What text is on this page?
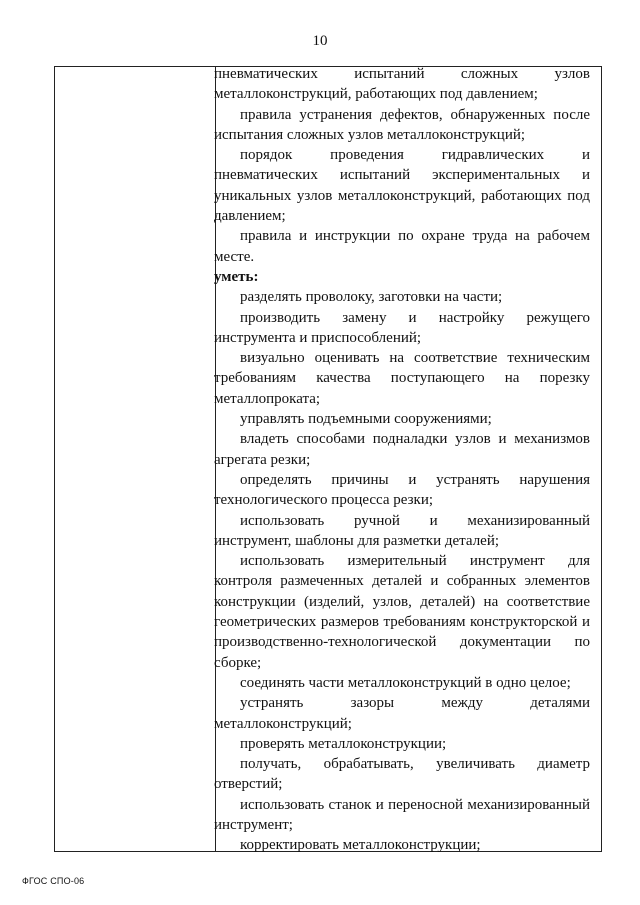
10

пневматических испытаний сложных узлов металлоконструкций, работающих под давлением;

правила устранения дефектов, обнаруженных после испытания сложных узлов металлоконструкций;

порядок проведения гидравлических и пневматических испытаний экспериментальных и уникальных узлов металлоконструкций, работающих под давлением;

правила и инструкции по охране труда на рабочем месте.

уметь:

разделять проволоку, заготовки на части;

производить замену и настройку режущего инструмента и приспособлений;

визуально оценивать на соответствие техническим требованиям качества поступающего на порезку металлопроката;

управлять подъемными сооружениями;

владеть способами подналадки узлов и механизмов агрегата резки;

определять причины и устранять нарушения технологического процесса резки;

использовать ручной и механизированный инструмент, шаблоны для разметки деталей;

использовать измерительный инструмент для контроля размеченных деталей и собранных элементов конструкции (изделий, узлов, деталей) на соответствие геометрических размеров требованиям конструкторской и производственно-технологической документации по сборке;

соединять части металлоконструкций в одно целое;

устранять зазоры между деталями металлоконструкций;

проверять металлоконструкции;

получать, обрабатывать, увеличивать диаметр отверстий;

использовать станок и переносной механизированный инструмент;

корректировать металлоконструкции;

ФГОС СПО-06
